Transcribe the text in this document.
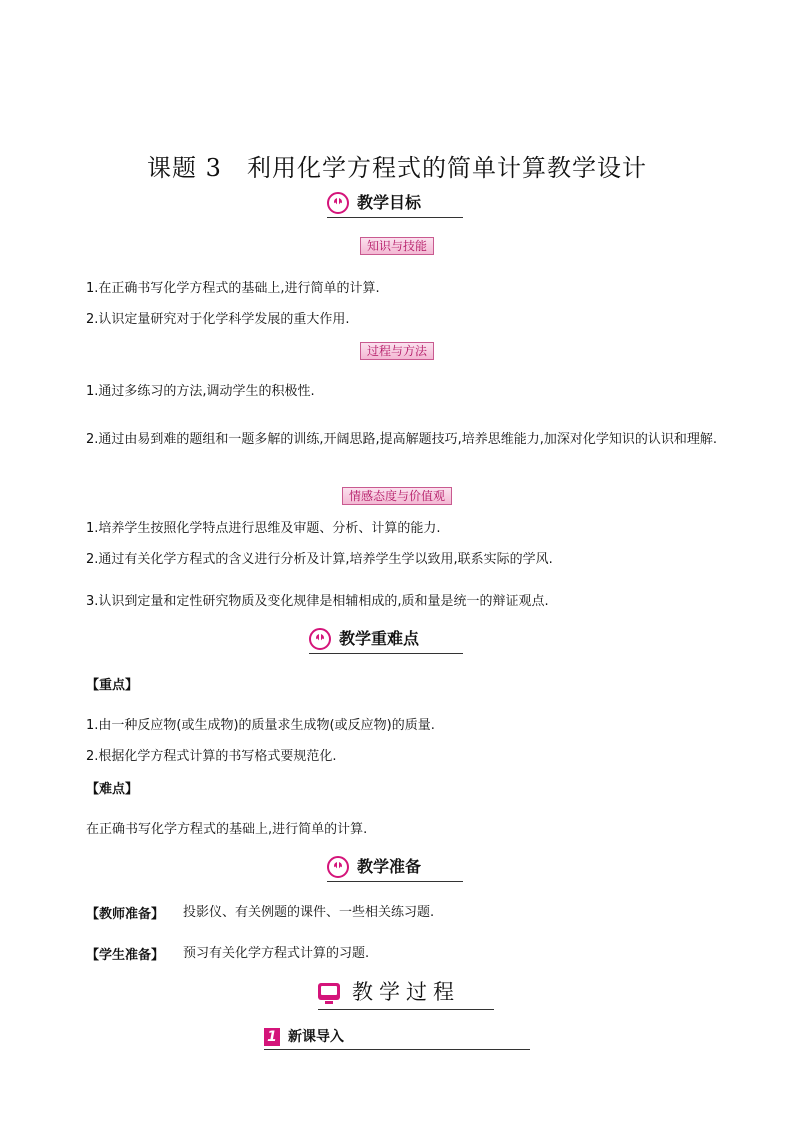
课题 3　利用化学方程式的简单计算教学设计
教学目标
知识与技能
1.在正确书写化学方程式的基础上,进行简单的计算.
2.认识定量研究对于化学科学发展的重大作用.
过程与方法
1.通过多练习的方法,调动学生的积极性.
2.通过由易到难的题组和一题多解的训练,开阔思路,提高解题技巧,培养思维能力,加深对化学知识的认识和理解.
情感态度与价值观
1.培养学生按照化学特点进行思维及审题、分析、计算的能力.
2.通过有关化学方程式的含义进行分析及计算,培养学生学以致用,联系实际的学风.
3.认识到定量和定性研究物质及变化规律是相辅相成的,质和量是统一的辩证观点.
教学重难点
【重点】
1.由一种反应物(或生成物)的质量求生成物(或反应物)的质量.
2.根据化学方程式计算的书写格式要规范化.
【难点】
在正确书写化学方程式的基础上,进行简单的计算.
教学准备
【教师准备】 投影仪、有关例题的课件、一些相关练习题.
【学生准备】 预习有关化学方程式计算的习题.
教学过程
1 新课导入
